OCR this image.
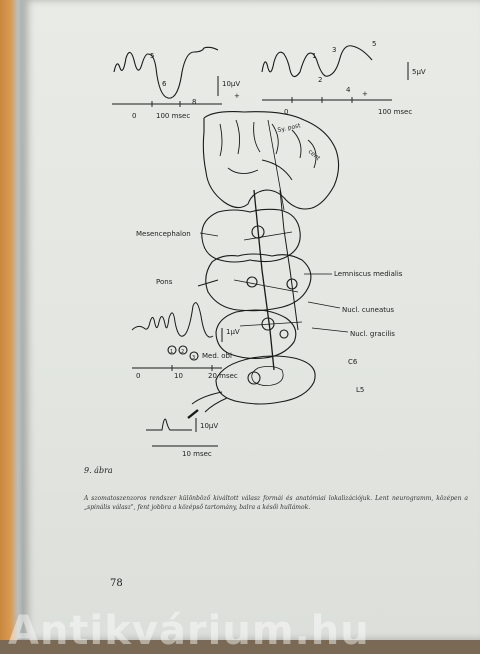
5
6
8
10μV
0	100 msec
+
1
2
3
4
5
5μV
0	100 msec
+
Sy. post
cent
Mesencephalon
Pons
Lemniscus medialis
Nucl. cuneatus
Nucl. gracilis
Med. obl
C6
L5
1 2
3
1μV
0	10	20 msec
10μV
10 msec
9. ábra
A szomatoszenzoros rendszer különböző kiváltott válasz formái és anatómiai lokalizációjuk. Lent neurogramm, középen a „spinális válasz", fent jobbra a középső tartomány, balra a késői hullámok.
78
Antikvárium.hu
